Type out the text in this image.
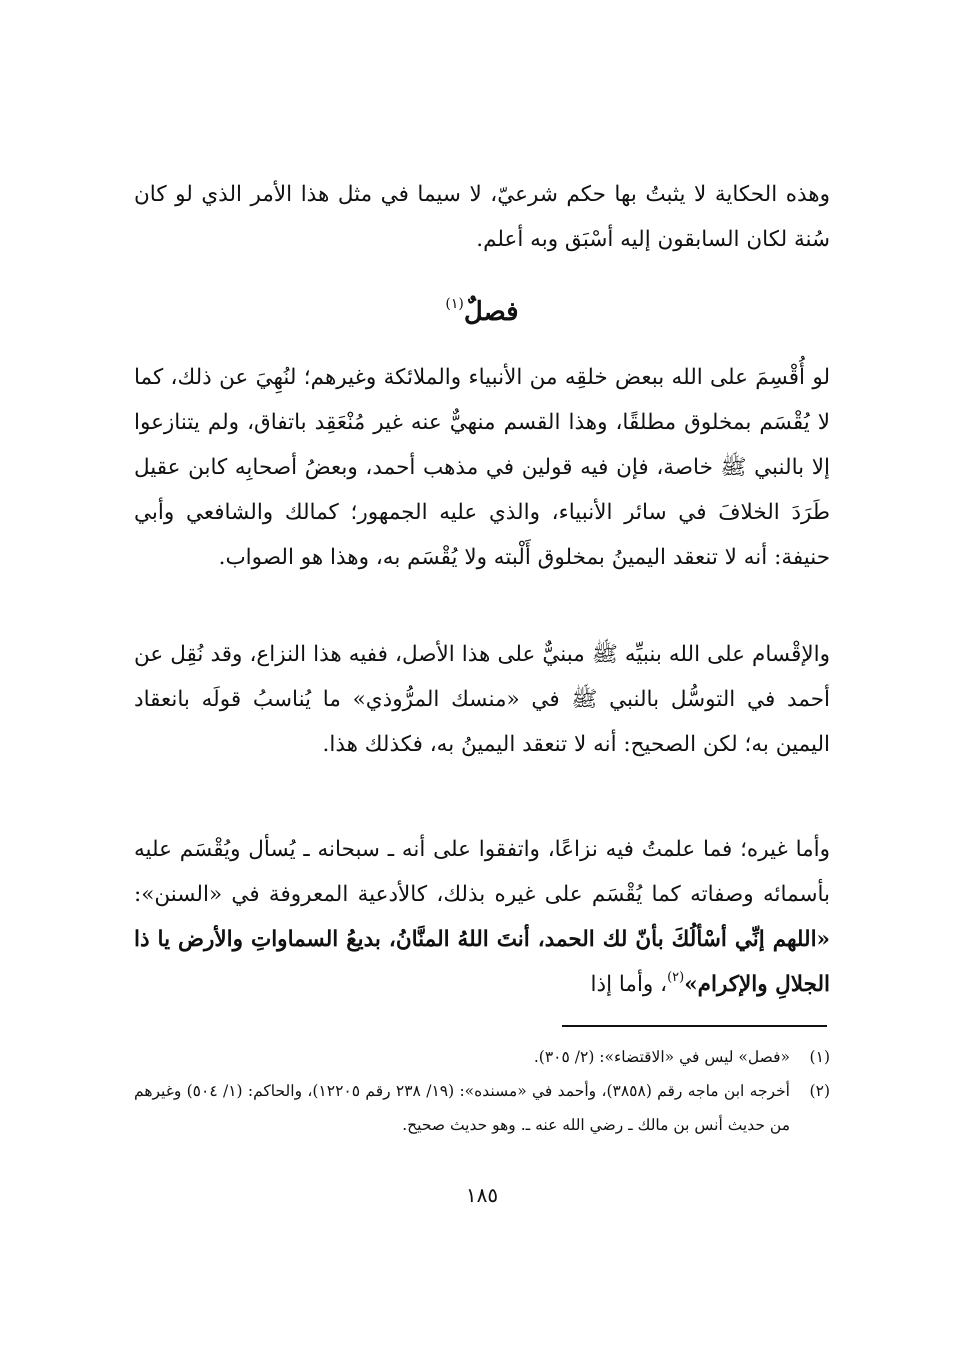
وهذه الحكاية لا يثبتُ بها حكم شرعيّ، لا سيما في مثل هذا الأمر الذي لو كان سُنة لكان السابقون إليه أسْبَق وبه أعلم.

فصلٌ$^{(١)}$

لو أُقْسِمَ على الله ببعض خلقِه من الأنبياء والملائكة وغيرهم؛ لنُهِيَ عن ذلك، كما لا يُقْسَم بمخلوق مطلقًا، وهذا القسم منهيٌّ عنه غير مُنْعَقِد باتفاق، ولم يتنازعوا إلا بالنبي ﷺ خاصة، فإن فيه قولين في مذهب أحمد، وبعضُ أصحابِه كابن عقيل طَرَدَ الخلافَ في سائر الأنبياء، والذي عليه الجمهور؛ كمالك والشافعي وأبي حنيفة: أنه لا تنعقد اليمينُ بمخلوق أَلْبته ولا يُقْسَم به، وهذا هو الصواب.

والإقْسام على الله بنبيِّه ﷺ مبنيٌّ على هذا الأصل، ففيه هذا النزاع، وقد نُقِل عن أحمد في التوسُّل بالنبي ﷺ في «منسك المرُّوذي» ما يُناسبُ قولَه بانعقاد اليمين به؛ لكن الصحيح: أنه لا تنعقد اليمينُ به، فكذلك هذا.

وأما غيره؛ فما علمتُ فيه نزاعًا، واتفقوا على أنه ـ سبحانه ـ يُسأل ويُقْسَم عليه بأسمائه وصفاته كما يُقْسَم على غيره بذلك، كالأدعية المعروفة في «السنن»: «اللهم إنِّي أسْألُكَ بأنّ لك الحمد، أنتَ اللهُ المنَّانُ، بديعُ السماواتِ والأرض يا ذا الجلالِ والإكرام»$^{(٢)}$، وأما إذا

(١)
«فصل» ليس في «الاقتضاء»: (٢/ ٣٠٥).
(٢)
أخرجه ابن ماجه رقم (٣٨٥٨)، وأحمد في «مسنده»: (١٩/ ٢٣٨ رقم ١٢٢٠٥)، والحاكم: (١/ ٥٠٤) وغيرهم من حديث أنس بن مالك ـ رضي الله عنه ـ. وهو حديث صحيح.
١٨٥
